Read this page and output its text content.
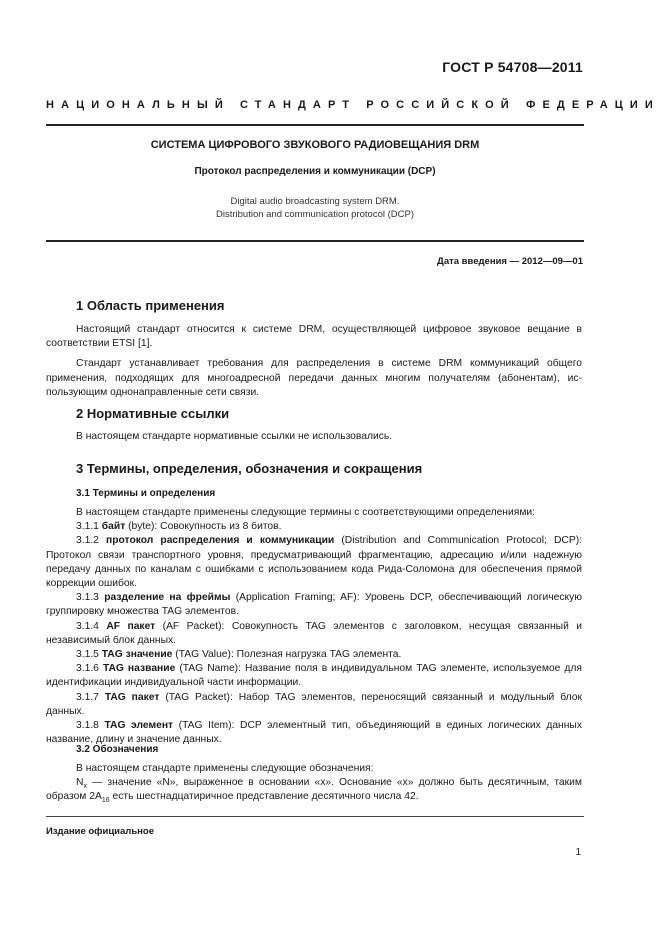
ГОСТ Р 54708—2011
НАЦИОНАЛЬНЫЙ СТАНДАРТ РОССИЙСКОЙ ФЕДЕРАЦИИ
СИСТЕМА ЦИФРОВОГО ЗВУКОВОГО РАДИОВЕЩАНИЯ DRM
Протокол распределения и коммуникации (DCP)
Digital audio broadcasting system DRM.
Distribution and communication protocol (DCP)
Дата введения — 2012—09—01
1 Область применения

Настоящий стандарт относится к системе DRM, осуществляющей цифровое звуковое вещание в соответствии ETSI [1].

Стандарт устанавливает требования для распределения в системе DRM коммуникаций общего применения, подходящих для многоадресной передачи данных многим получателям (абонентам), использующим однонаправленные сети связи.

2 Нормативные ссылки

В настоящем стандарте нормативные ссылки не использовались.

3 Термины, определения, обозначения и сокращения
3.1 Термины и определения

В настоящем стандарте применены следующие термины с соответствующими определениями:

3.1.1 байт (byte): Совокупность из 8 битов.

3.1.2 протокол распределения и коммуникации (Distribution and Communication Protocol; DCP): Протокол связи транспортного уровня, предусматривающий фрагментацию, адресацию и/или надежную передачу данных по каналам с ошибками с использованием кода Рида-Соломона для обеспечения прямой коррекции ошибок.

3.1.3 разделение на фреймы (Application Framing; AF): Уровень DCP, обеспечивающий логическую группировку множества TAG элементов.

3.1.4 AF пакет (AF Packet): Совокупность TAG элементов с заголовком, несущая связанный и независимый блок данных.

3.1.5 TAG значение (TAG Value): Полезная нагрузка TAG элемента.

3.1.6 TAG название (TAG Name): Название поля в индивидуальном TAG элементе, используемое для идентификации индивидуальной части информации.

3.1.7 TAG пакет (TAG Packet): Набор TAG элементов, переносящий связанный и модульный блок данных.

3.1.8 TAG элемент (TAG Item): DCP элементный тип, объединяющий в единых логических данных название, длину и значение данных.

3.2 Обозначения

В настоящем стандарте применены следующие обозначения:

$N_x$ — значение «N», выраженное в основании «x». Основание «x» должно быть десятичным, таким образом $2A_{16}$ есть шестнадцатиричное представление десятичного числа 42.

Издание официальное
1
